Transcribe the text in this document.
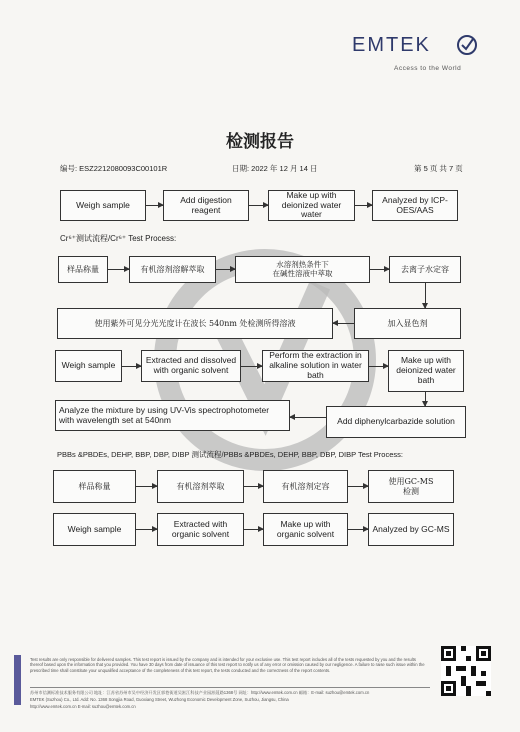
EMTEK
Access to the World
检测报告
编号: ESZ2212080093C00101R	日期: 2022 年 12 月 14 日	第 5 页 共 7 页
Weigh sample	Add digestion reagent
Make up with deionized water water
Analyzed by ICP-OES/AAS
Cr⁶⁺测试流程/Cr⁶⁺ Test Process:
样品称量	有机溶剂溶解萃取
水溶剂热条件下
在碱性溶液中萃取	去离子水定容
使用紫外可见分光光度计在波长 540nm 处检测所得溶液	加入显色剂
Weigh sample	Extracted and dissolved with organic solvent
Perform the extraction in alkaline solution in water bath
Make up with deionized water bath
Analyze the mixture by using UV-Vis spectrophotometer with wavelength set at 540nm	Add diphenylcarbazide solution
PBBs &PBDEs, DEHP, BBP, DBP, DIBP 测试流程/PBBs &PBDEs, DEHP, BBP, DBP, DIBP Test Process:
样品称量	有机溶剂萃取	有机溶剂定容
使用GC-MS
检测
Weigh sample	Extracted with organic solvent
Make up with organic solvent	Analyzed by GC-MS
Test results are only responsible for delivered samples. This test report is issued by the company and is intended for your exclusive use. This test report includes all of the tests requested by you and the results thereof based upon the information that you provided. You have 30 days from date of issuance of this test report to notify us of any error or omission caused by our negligence. A failure to raise such issue within the prescribed time shall constitute your unqualified acceptance of the completeness of this test report, the tests conducted and the correctness of the report contents.
苏州市信测标准技术服务有限公司 地址：江苏省苏州市吴中经济开发区郭巷街道吴淞江科技产业园淞葭路1368号 网址：http://www.emtek.com.cn 邮箱：E-mail: suzhou@emtek.com.cn
EMTEK (Suzhou) Co., Ltd. Add: No. 1368 Songjia Road, Guoxiang Street, Wuzhong Economic Development Zone, Suzhou, Jiangsu, China
http://www.emtek.com.cn E-mail: suzhou@emtek.com.cn
